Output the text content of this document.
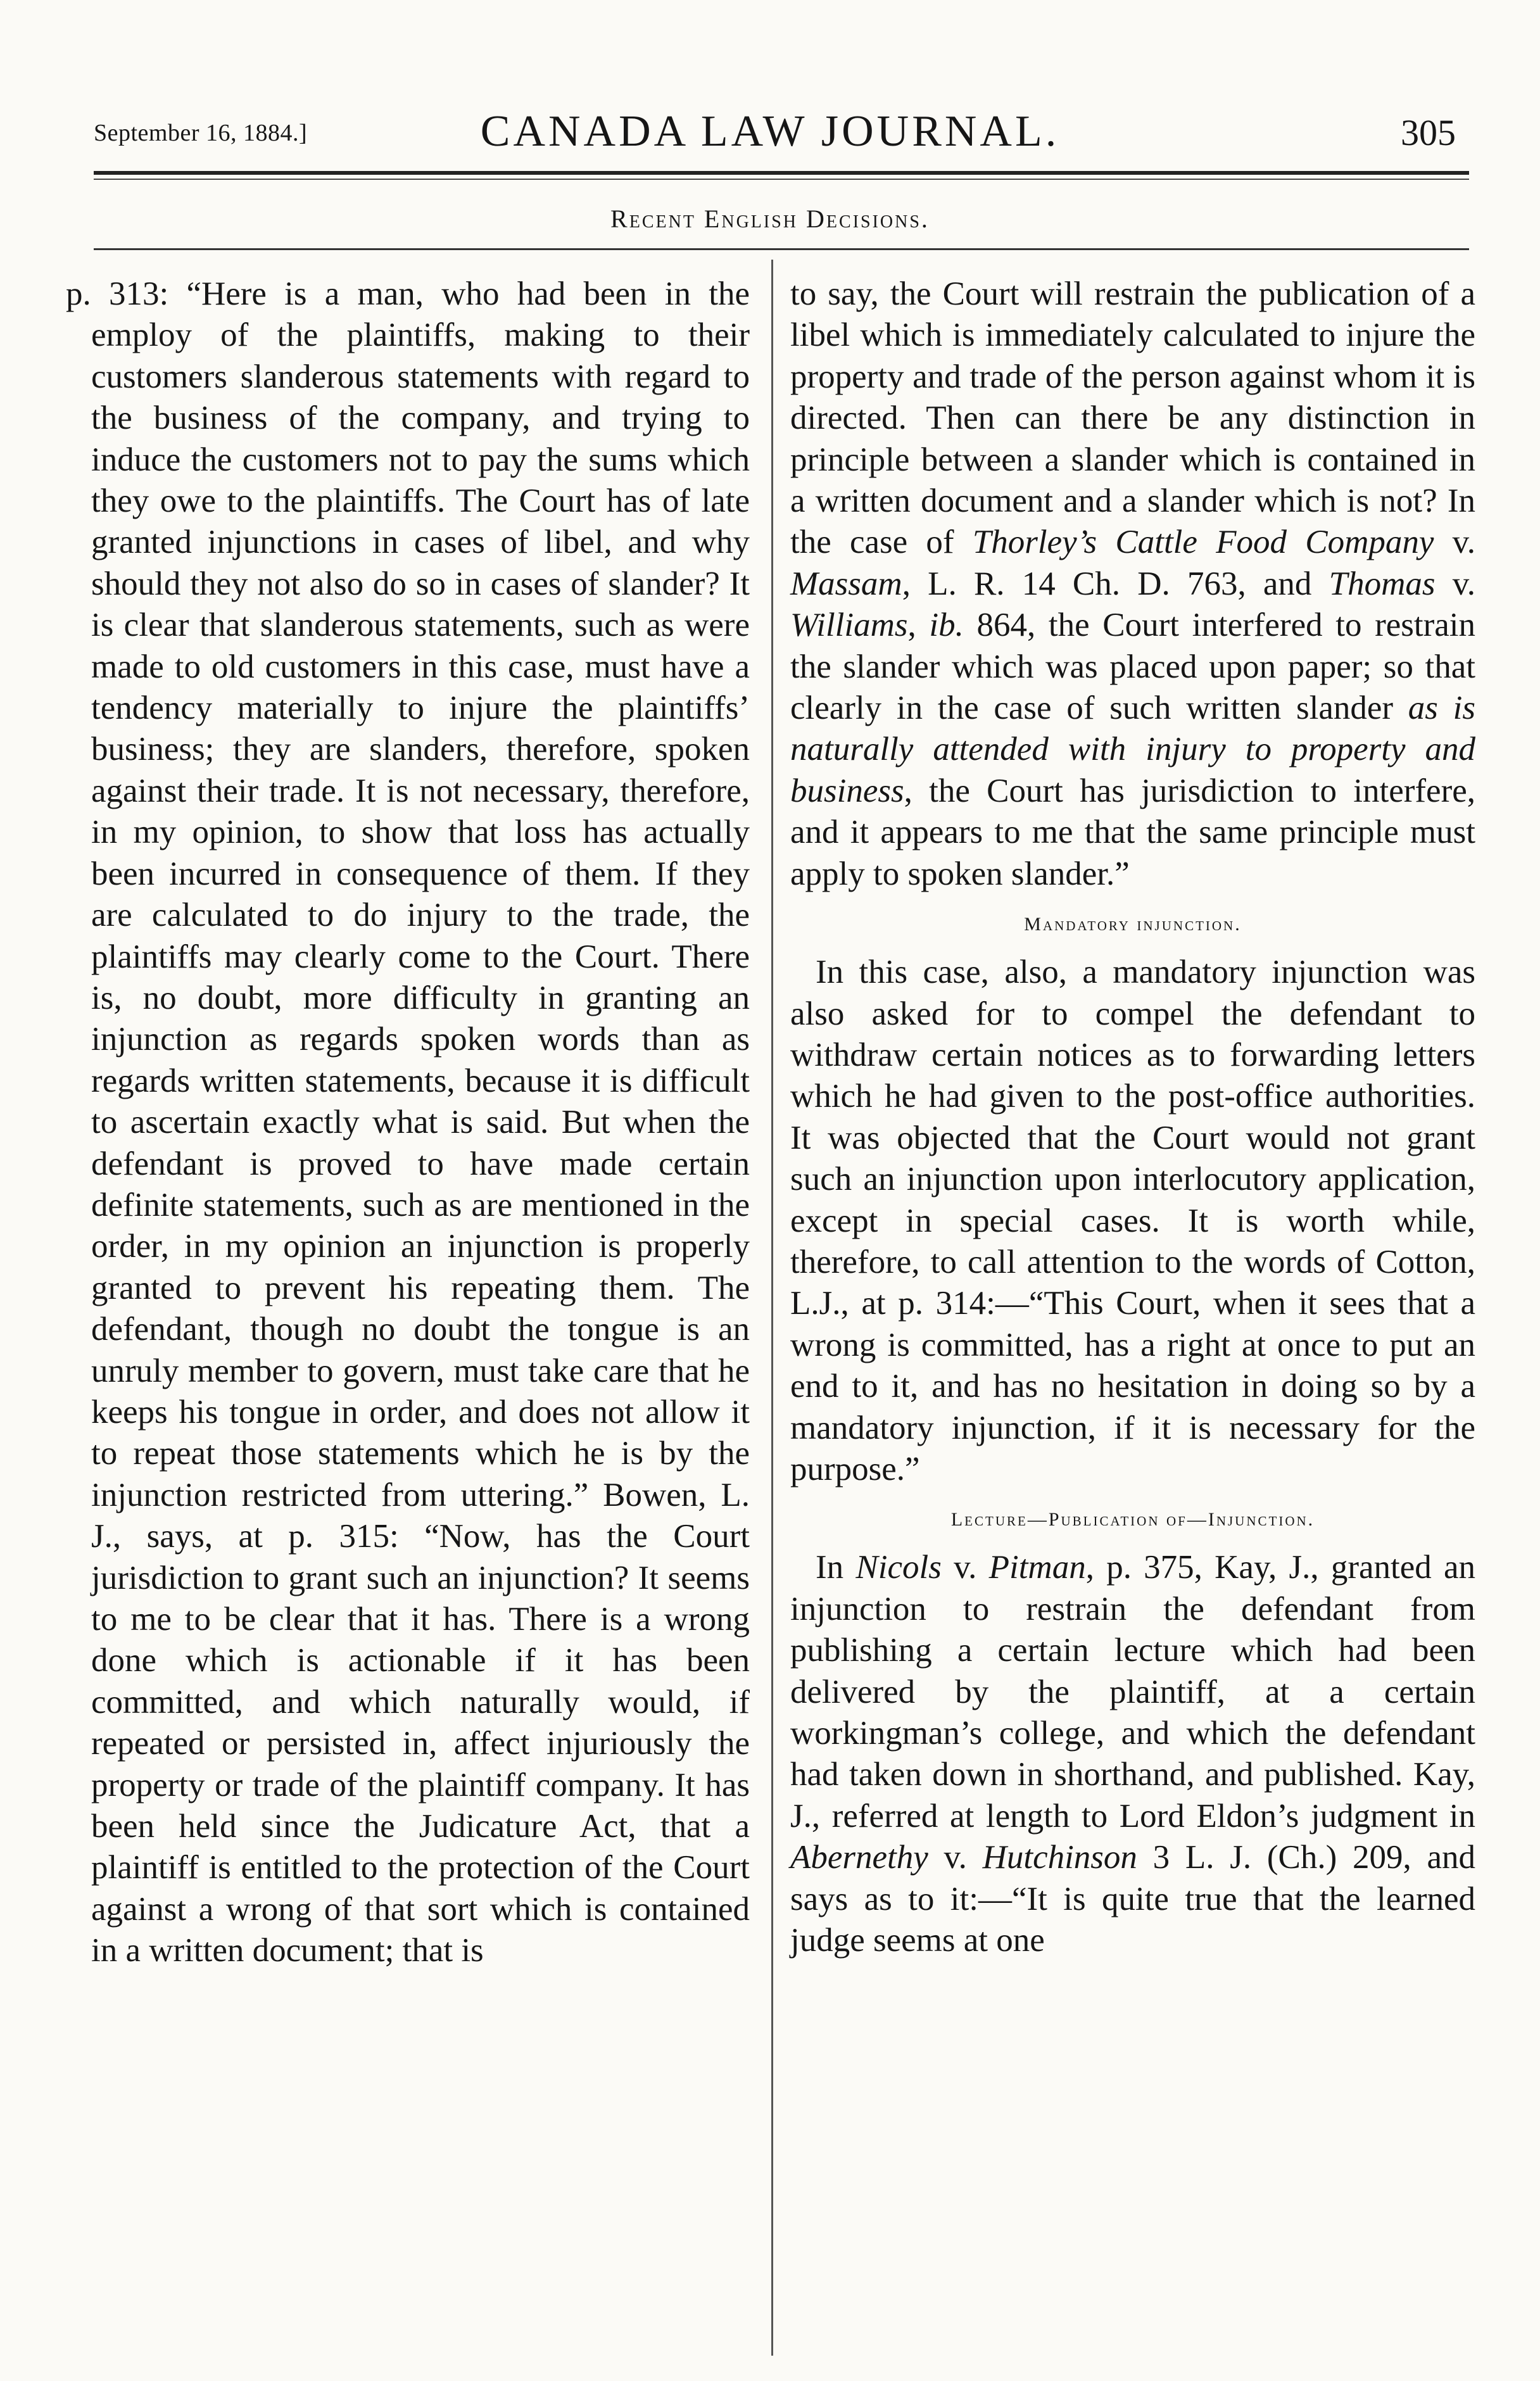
September 16, 1884.]	CANADA LAW JOURNAL.	305
Recent English Decisions.

p. 313: “Here is a man, who had been in the employ of the plaintiffs, making to their customers slanderous statements with regard to the business of the company, and trying to induce the customers not to pay the sums which they owe to the plaintiffs. The Court has of late granted injunctions in cases of libel, and why should they not also do so in cases of slander? It is clear that slanderous statements, such as were made to old customers in this case, must have a tendency materially to injure the plaintiffs’ business; they are slanders, therefore, spoken against their trade. It is not necessary, therefore, in my opinion, to show that loss has actually been incurred in consequence of them. If they are calculated to do injury to the trade, the plaintiffs may clearly come to the Court. There is, no doubt, more difficulty in granting an injunction as regards spoken words than as regards written statements, because it is difficult to ascertain exactly what is said. But when the defendant is proved to have made certain definite statements, such as are mentioned in the order, in my opinion an injunction is properly granted to prevent his repeating them. The defendant, though no doubt the tongue is an unruly member to govern, must take care that he keeps his tongue in order, and does not allow it to repeat those statements which he is by the injunction restricted from uttering.” Bowen, L. J., says, at p. 315: “Now, has the Court jurisdiction to grant such an injunction? It seems to me to be clear that it has. There is a wrong done which is actionable if it has been committed, and which naturally would, if repeated or persisted in, affect injuriously the property or trade of the plaintiff company. It has been held since the Judicature Act, that a plaintiff is entitled to the protection of the Court against a wrong of that sort which is contained in a written document; that is

to say, the Court will restrain the publication of a libel which is immediately calculated to injure the property and trade of the person against whom it is directed. Then can there be any distinction in principle between a slander which is contained in a written document and a slander which is not? In the case of Thorley’s Cattle Food Company v. Massam, L. R. 14 Ch. D. 763, and Thomas v. Williams, ib. 864, the Court interfered to restrain the slander which was placed upon paper; so that clearly in the case of such written slander as is naturally attended with injury to property and business, the Court has jurisdiction to interfere, and it appears to me that the same principle must apply to spoken slander.”

Mandatory injunction.

In this case, also, a mandatory injunction was also asked for to compel the defendant to withdraw certain notices as to forwarding letters which he had given to the post-office authorities. It was objected that the Court would not grant such an injunction upon interlocutory application, except in special cases. It is worth while, therefore, to call attention to the words of Cotton, L.J., at p. 314:—“This Court, when it sees that a wrong is committed, has a right at once to put an end to it, and has no hesitation in doing so by a mandatory injunction, if it is necessary for the purpose.”

Lecture—Publication of—Injunction.

In Nicols v. Pitman, p. 375, Kay, J., granted an injunction to restrain the defendant from publishing a certain lecture which had been delivered by the plaintiff, at a certain workingman’s college, and which the defendant had taken down in shorthand, and published. Kay, J., referred at length to Lord Eldon’s judgment in Abernethy v. Hutchinson 3 L. J. (Ch.) 209, and says as to it:—“It is quite true that the learned judge seems at one
